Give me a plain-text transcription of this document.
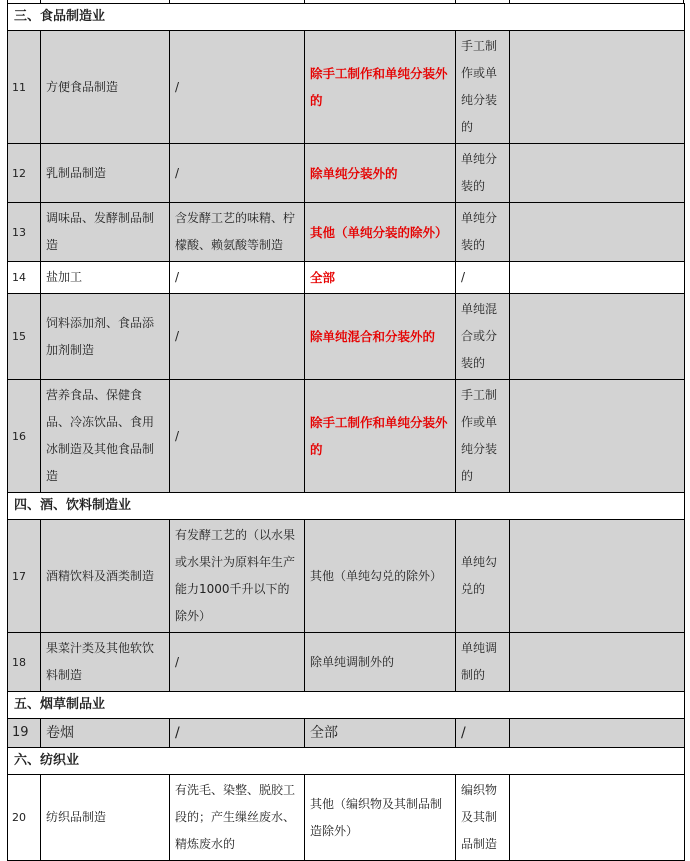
三、食品制造业					
11	方便食品制造	/	除手工制作和单纯分装外的	手工制作或单纯分装的	
12	乳制品制造	/	除单纯分装外的	单纯分装的	
13	调味品、发酵制品制造	含发酵工艺的味精、柠檬酸、赖氨酸等制造	其他（单纯分装的除外）	单纯分装的	
14	盐加工	/	全部	/	
15	饲料添加剂、食品添加剂制造	/	除单纯混合和分装外的	单纯混合或分装的	
16	营养食品、保健食品、冷冻饮品、食用冰制造及其他食品制造	/	除手工制作和单纯分装外的	手工制作或单纯分装的	
四、酒、饮料制造业					
17	酒精饮料及酒类制造	有发酵工艺的（以水果或水果汁为原料年生产能力1000千升以下的除外）	其他（单纯勾兑的除外）	单纯勾兑的	
18	果菜汁类及其他软饮料制造	/	除单纯调制外的	单纯调制的	
五、烟草制品业					
19	卷烟	/	全部	/	
六、纺织业					
20	纺织品制造	有洗毛、染整、脱胶工段的；产生缫丝废水、精炼废水的	其他（编织物及其制品制造除外）	编织物及其制品制造	
